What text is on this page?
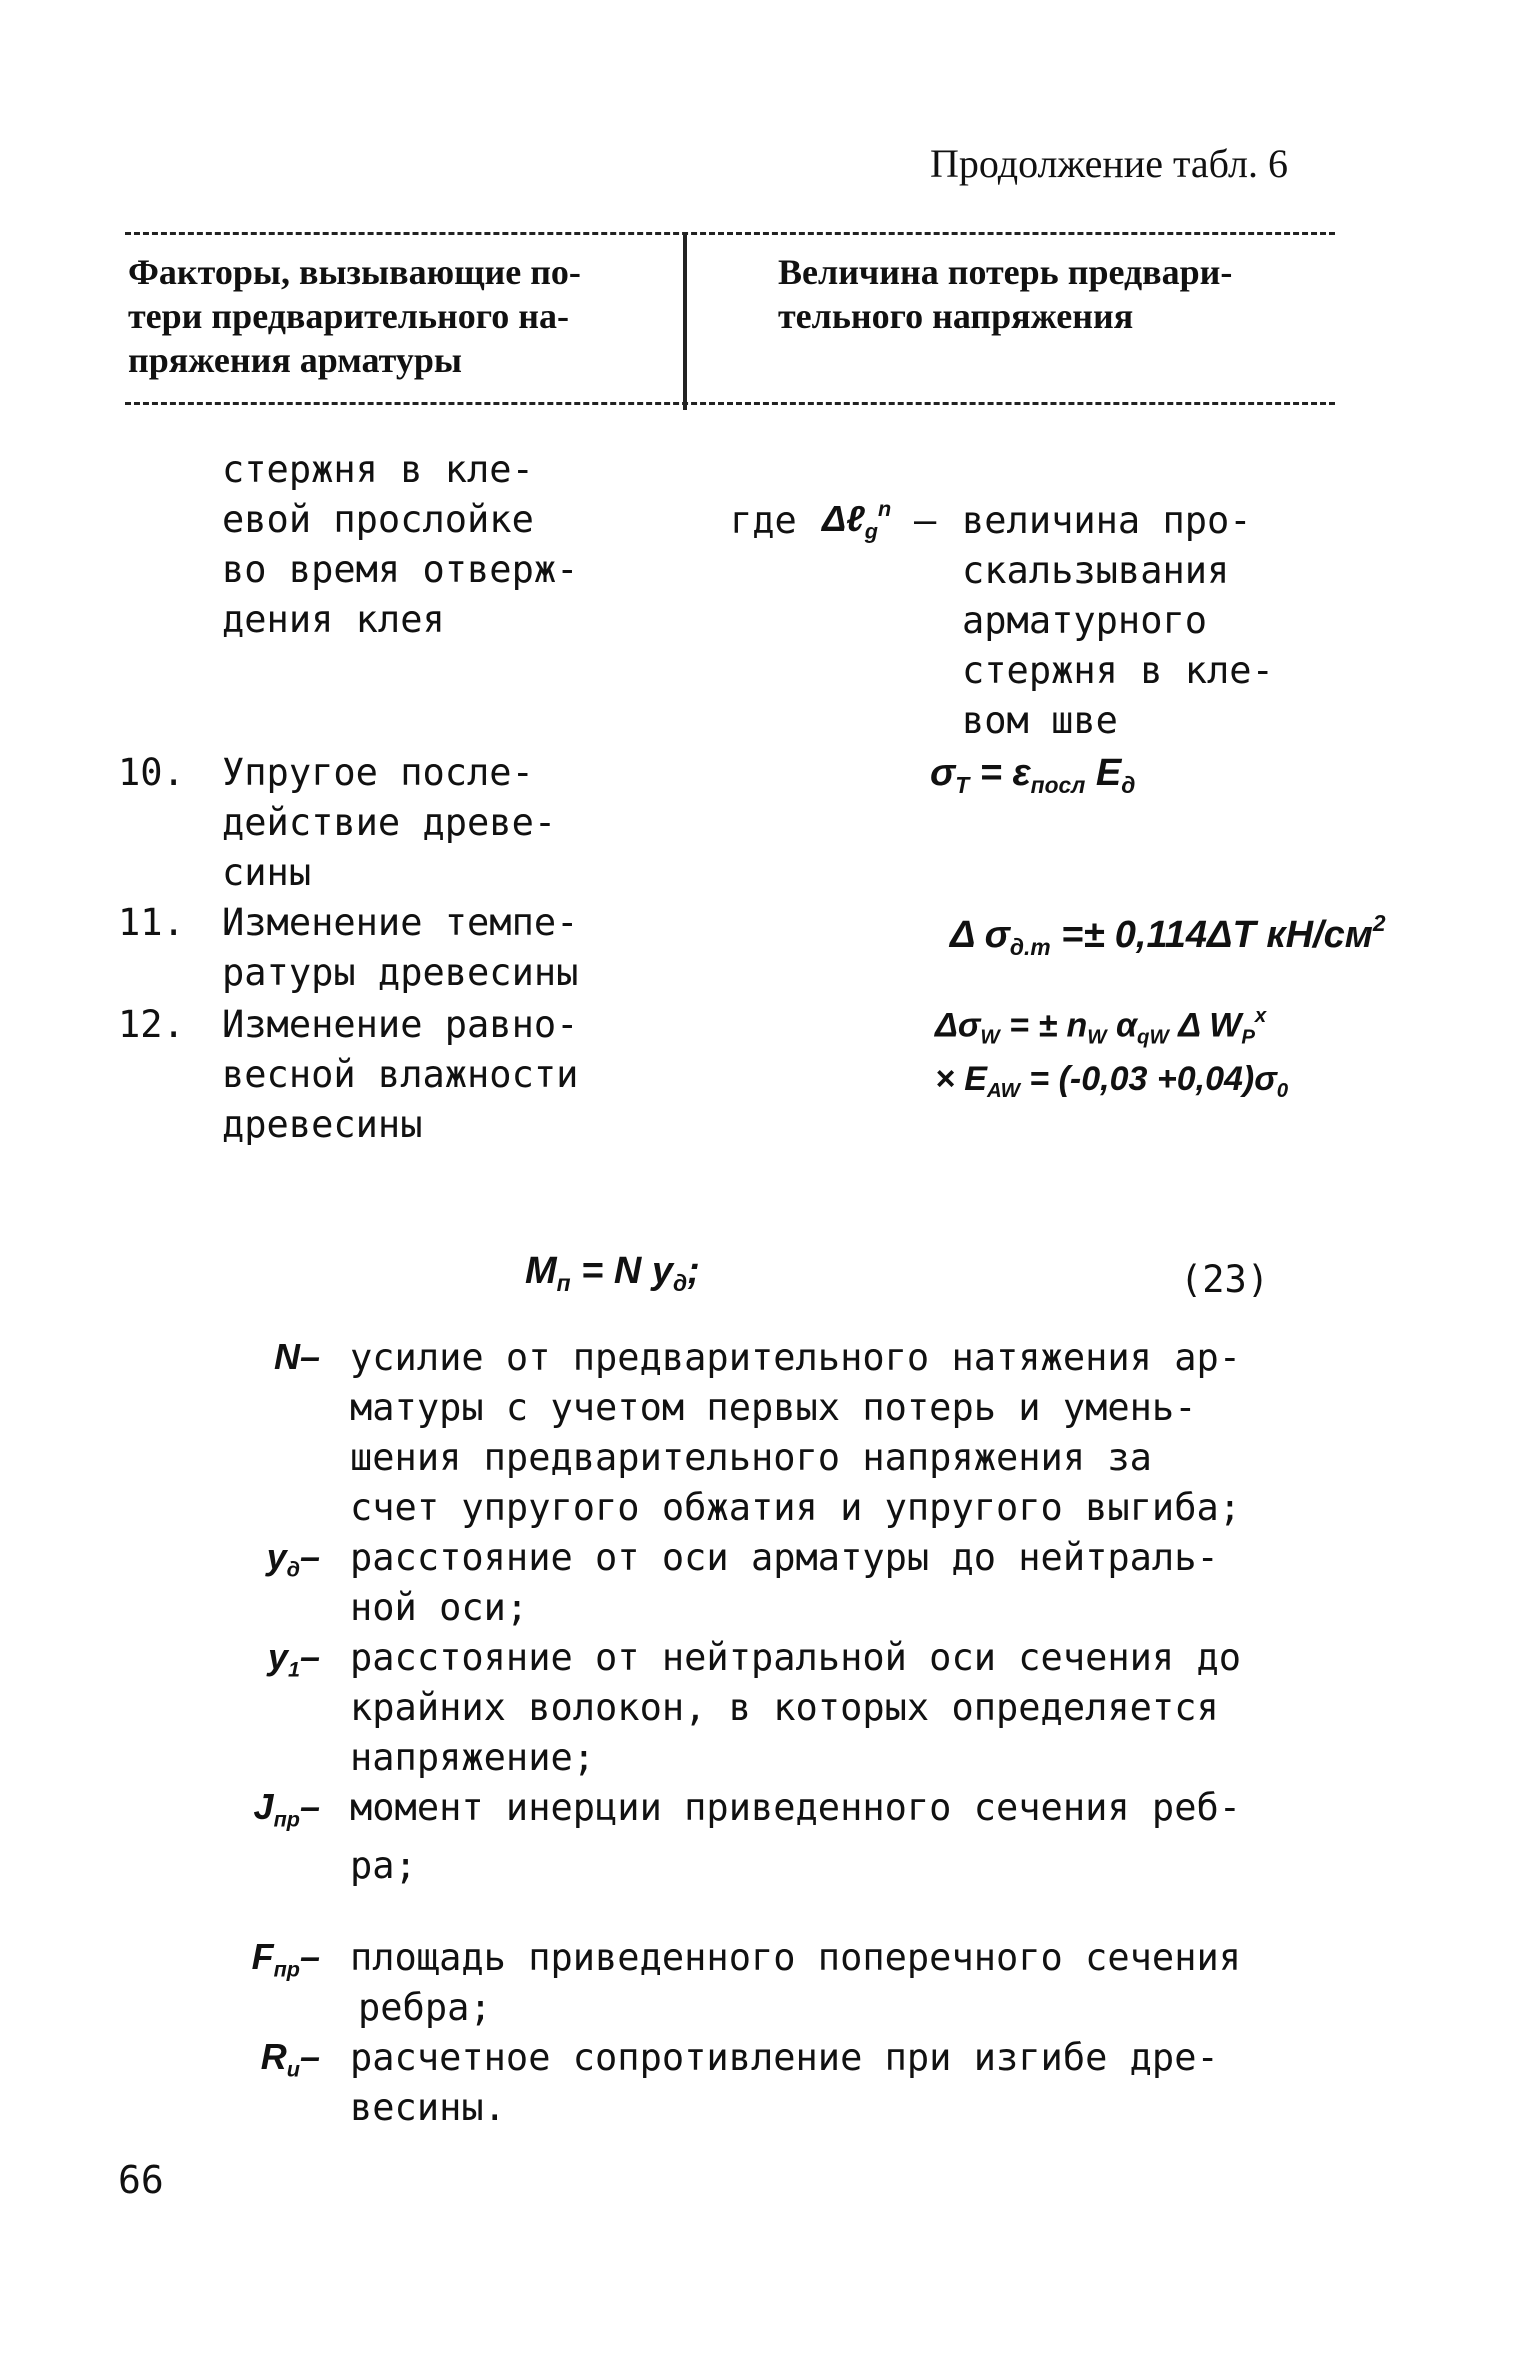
Продолжение табл. 6
Факторы, вызывающие по-
тери предварительного на-
пряжения арматуры
Величина потерь предвари-
тельного напряжения
стержня в кле-
евой прослойке
во время отверж-
дения клея
где Δℓ$_g^n$ – величина про-
скальзывания
арматурного
стержня в кле-
вом шве
10. Упругое после-
действие древе-
сины
$\sigma_T = \varepsilon_{посл}$ $E_д$
11. Изменение темпе-
ратуры древесины
Δ $\sigma_{д.т} =\pm 0,114\Delta T$ $кН/см^2$
12. Изменение равно-
весной влажности
древесины
$\Delta\sigma_W$ = ± $n_W$ $\alpha_{qW}$ Δ $W_P^x$
× $E_{AW} = (-0,03 +0,04)\sigma_0$
$M_п = N$ $y_д$;	(23)
N– усилие от предварительного натяжения ар-
матуры с учетом первых потерь и умень-
шения предварительного напряжения за
счет упругого обжатия и упругого выгиба;
$y_д-$ расстояние от оси арматуры до нейтраль-
ной оси;
$y_1-$ расстояние от нейтральной оси сечения до
крайних волокон, в которых определяется
напряжение;
$J_{пр}-$ момент инерции приведенного сечения реб-
ра;
$F_{пр}-$ площадь приведенного поперечного сечения
ребра;
$R_и-$ расчетное сопротивление при изгибе дре-
весины.
66
